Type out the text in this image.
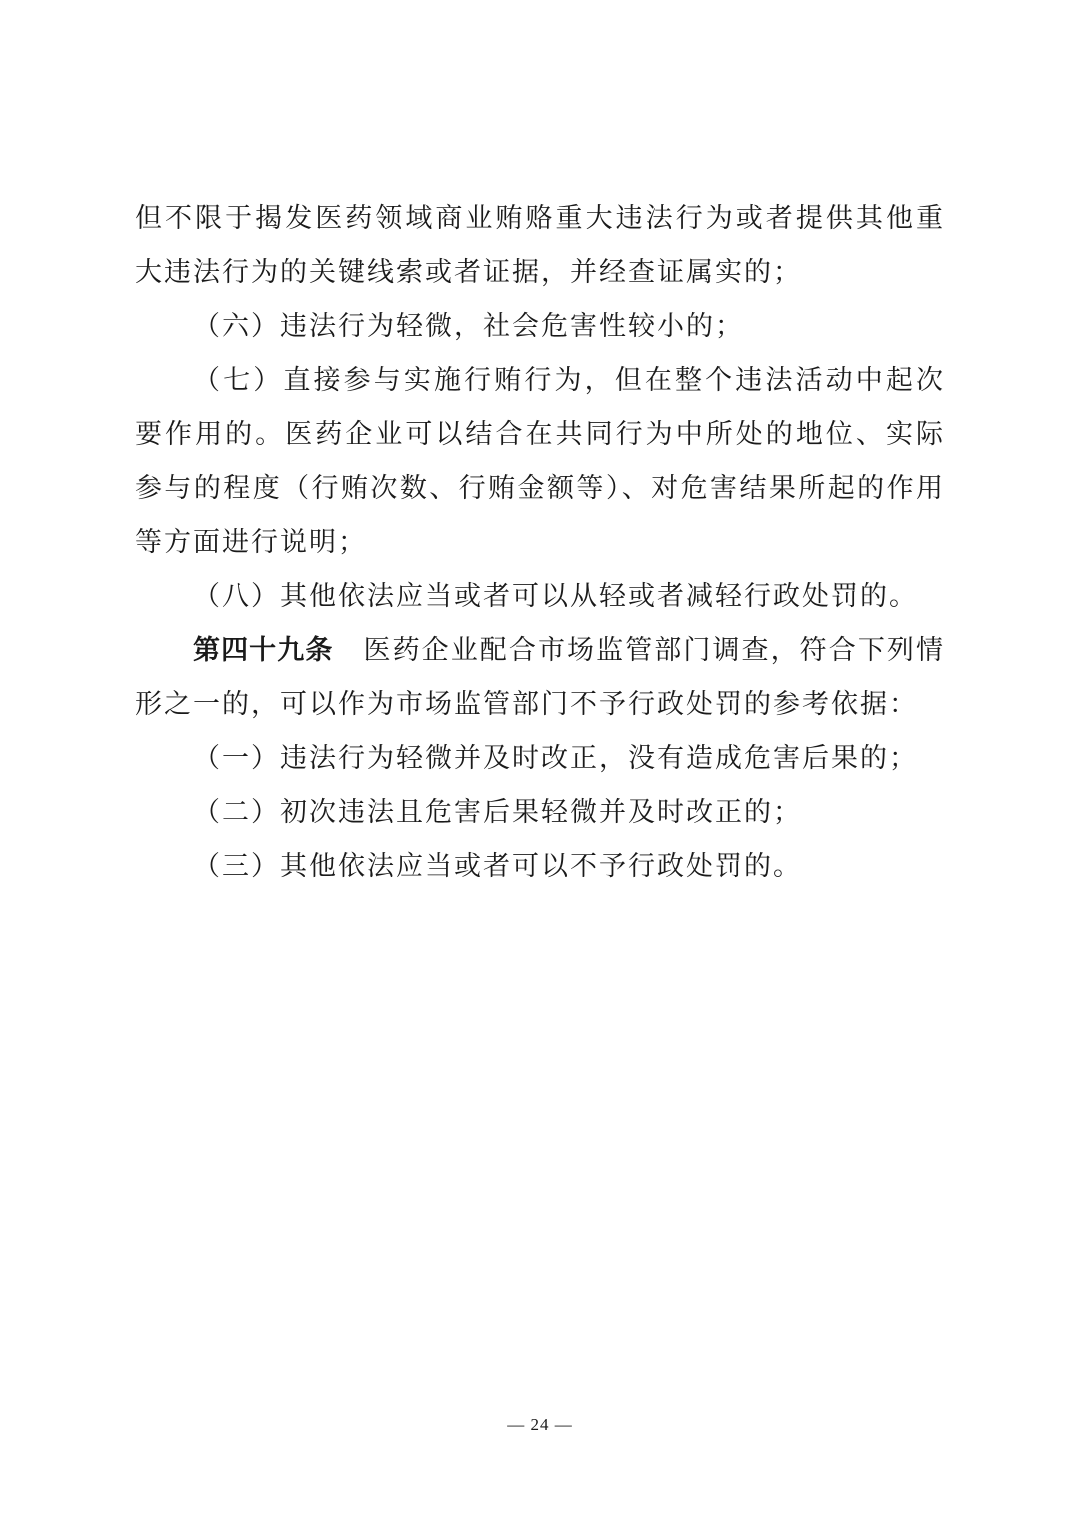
但不限于揭发医药领域商业贿赂重大违法行为或者提供其他重大违法行为的关键线索或者证据，并经查证属实的；

（六）违法行为轻微，社会危害性较小的；

（七）直接参与实施行贿行为，但在整个违法活动中起次要作用的。医药企业可以结合在共同行为中所处的地位、实际参与的程度（行贿次数、行贿金额等）、对危害结果所起的作用等方面进行说明；

（八）其他依法应当或者可以从轻或者减轻行政处罚的。

第四十九条 医药企业配合市场监管部门调查，符合下列情形之一的，可以作为市场监管部门不予行政处罚的参考依据：

（一）违法行为轻微并及时改正，没有造成危害后果的；

（二）初次违法且危害后果轻微并及时改正的；

（三）其他依法应当或者可以不予行政处罚的。

— 24 —
